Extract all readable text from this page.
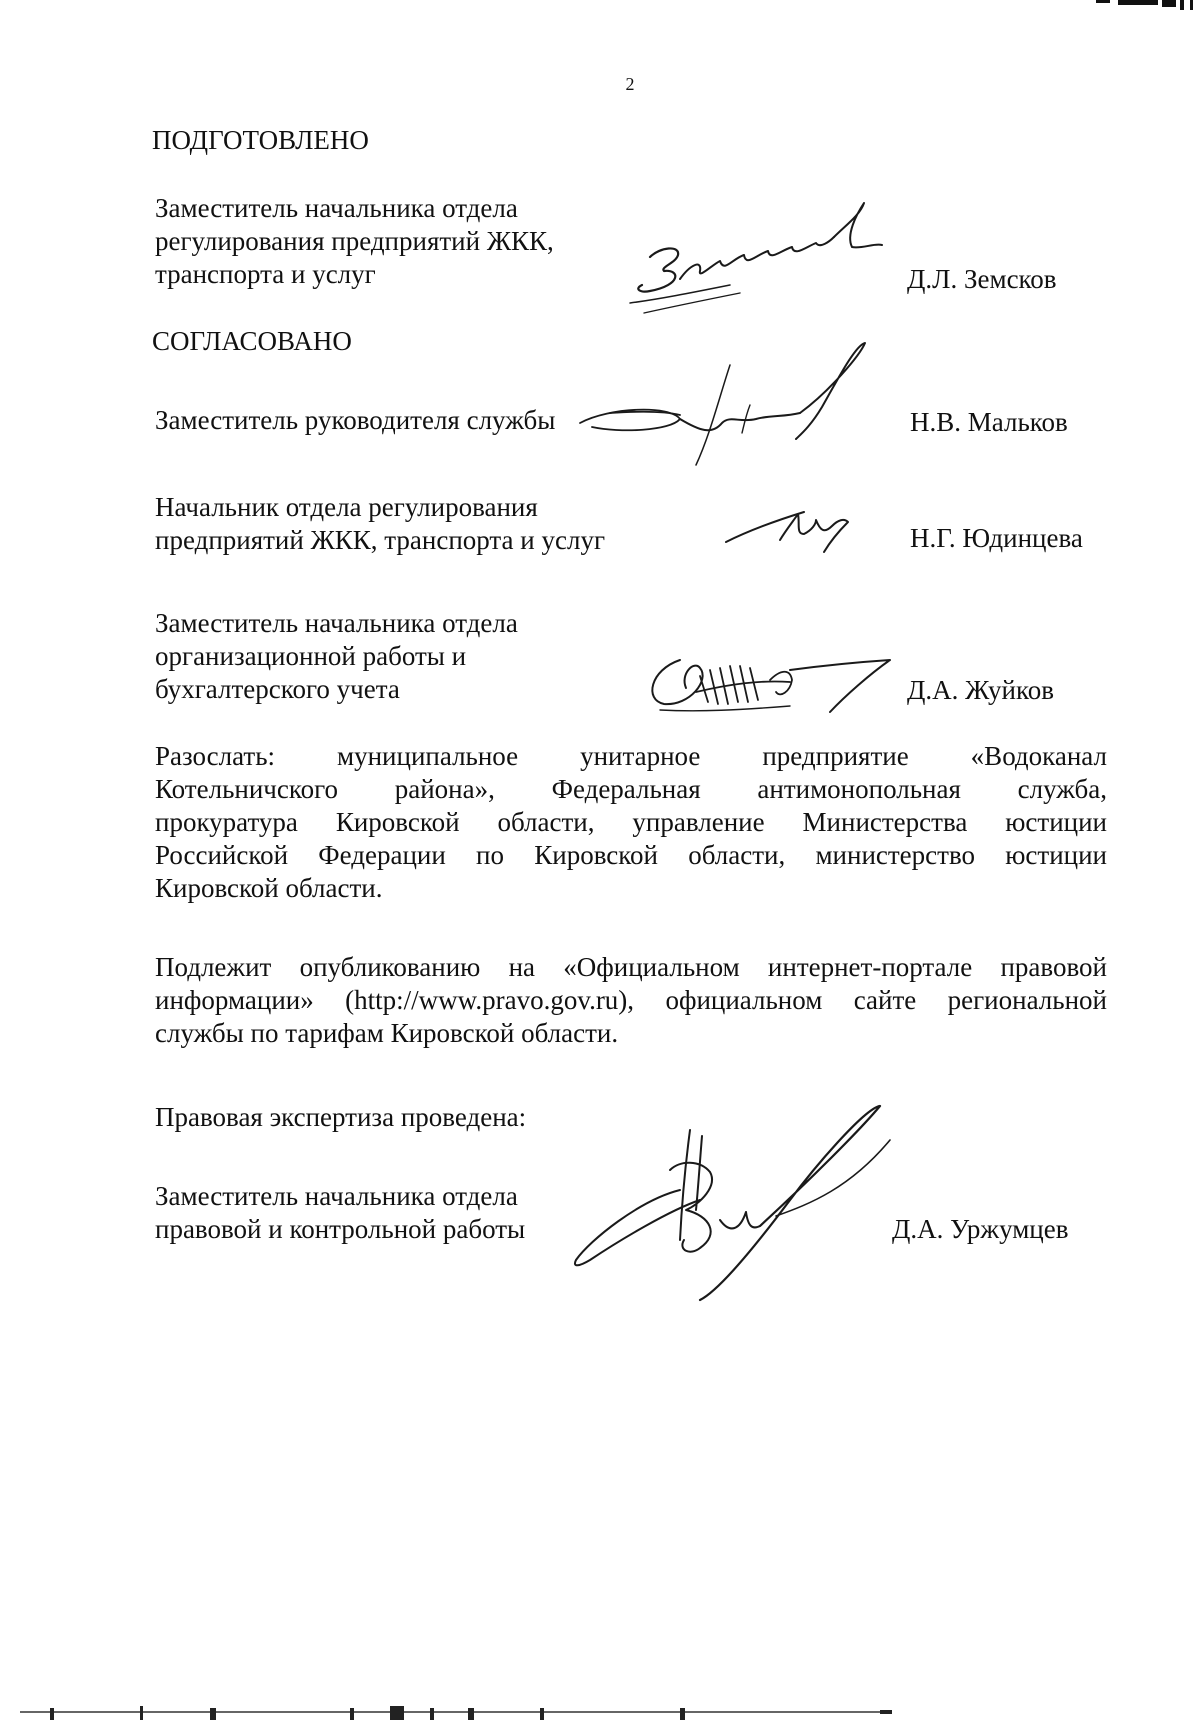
2
ПОДГОТОВЛЕНО
Заместитель начальника отдела
регулирования предприятий ЖКК,
транспорта и услуг	Д.Л. Земсков
СОГЛАСОВАНО
Заместитель руководителя службы	Н.В. Мальков
Начальник отдела регулирования
предприятий ЖКК, транспорта и услуг	Н.Г. Юдинцева
Заместитель начальника отдела
организационной работы и
бухгалтерского учета	Д.А. Жуйков
Разослать: муниципальное унитарное предприятие «Водоканал
Котельничского района», Федеральная антимонопольная служба,
прокуратура Кировской области, управление Министерства юстиции
Российской Федерации по Кировской области, министерство юстиции
Кировской области.
Подлежит опубликованию на «Официальном интернет-портале правовой
информации» (http://www.pravo.gov.ru), официальном сайте региональной
службы по тарифам Кировской области.
Правовая экспертиза проведена:
Заместитель начальника отдела
правовой и контрольной работы	Д.А. Уржумцев
